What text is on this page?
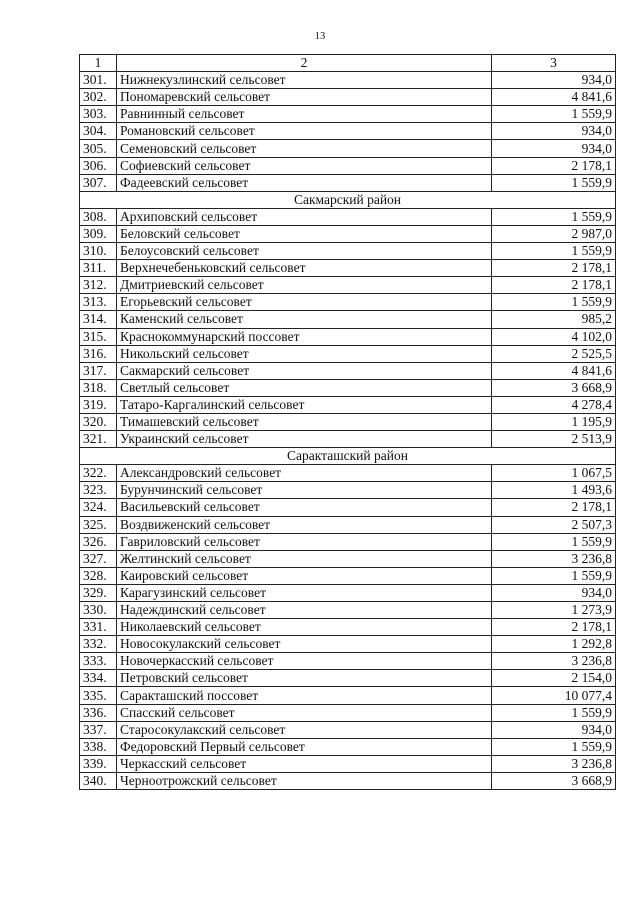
13
1	2	3
301.	Нижнекузлинский сельсовет	934,0
302.	Пономаревский сельсовет	4 841,6
303.	Равнинный сельсовет	1 559,9
304.	Романовский сельсовет	934,0
305.	Семеновский сельсовет	934,0
306.	Софиевский сельсовет	2 178,1
307.	Фадеевский сельсовет	1 559,9
Сакмарский район		
308.	Архиповский сельсовет	1 559,9
309.	Беловский сельсовет	2 987,0
310.	Белоусовский сельсовет	1 559,9
311.	Верхнечебеньковский сельсовет	2 178,1
312.	Дмитриевский сельсовет	2 178,1
313.	Егорьевский сельсовет	1 559,9
314.	Каменский сельсовет	985,2
315.	Краснокоммунарский поссовет	4 102,0
316.	Никольский сельсовет	2 525,5
317.	Сакмарский сельсовет	4 841,6
318.	Светлый сельсовет	3 668,9
319.	Татаро-Каргалинский сельсовет	4 278,4
320.	Тимашевский сельсовет	1 195,9
321.	Украинский сельсовет	2 513,9
Саракташский район		
322.	Александровский сельсовет	1 067,5
323.	Бурунчинский сельсовет	1 493,6
324.	Васильевский сельсовет	2 178,1
325.	Воздвиженский сельсовет	2 507,3
326.	Гавриловский сельсовет	1 559,9
327.	Желтинский сельсовет	3 236,8
328.	Каировский сельсовет	1 559,9
329.	Карагузинский сельсовет	934,0
330.	Надеждинский сельсовет	1 273,9
331.	Николаевский сельсовет	2 178,1
332.	Новосокулакский сельсовет	1 292,8
333.	Новочеркасский сельсовет	3 236,8
334.	Петровский сельсовет	2 154,0
335.	Саракташский поссовет	10 077,4
336.	Спасский сельсовет	1 559,9
337.	Старосокулакский сельсовет	934,0
338.	Федоровский Первый сельсовет	1 559,9
339.	Черкасский сельсовет	3 236,8
340.	Черноотрожский сельсовет	3 668,9
